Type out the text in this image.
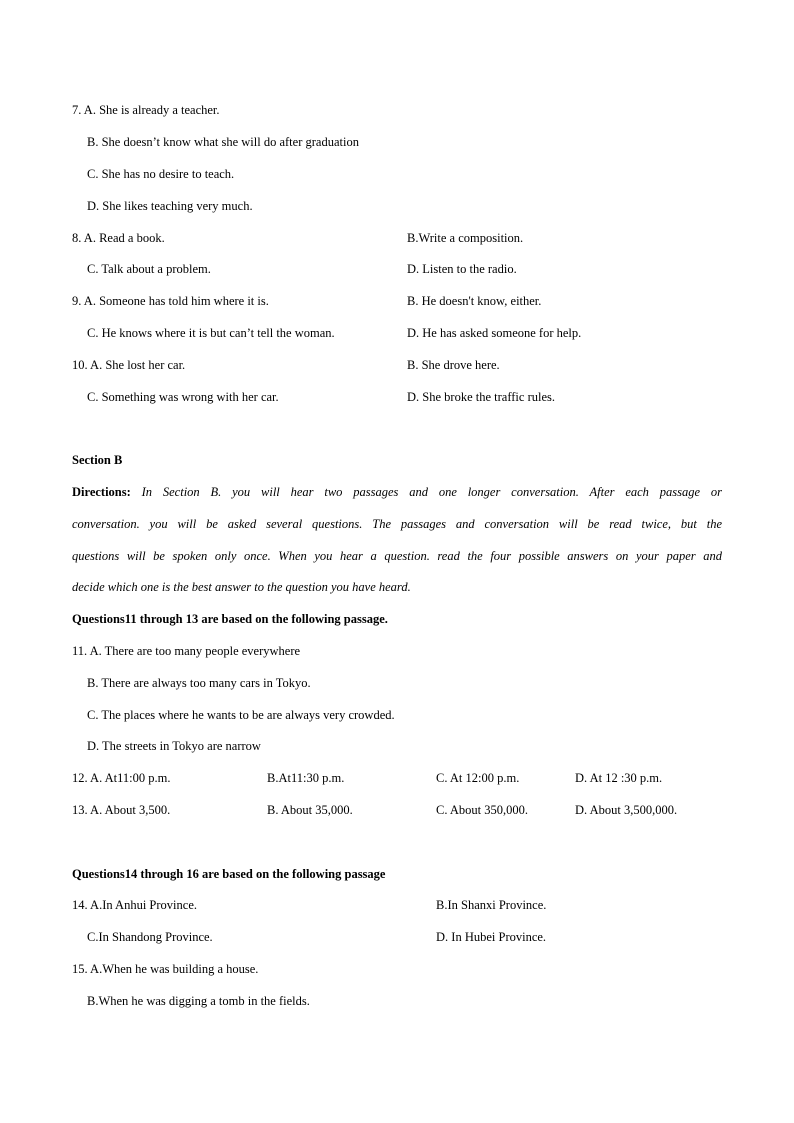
7. A. She is already a teacher.
B. She doesn’t know what she will do after graduation
C. She has no desire to teach.
D. She likes teaching very much.
8. A. Read a book.	B.Write a composition.
C. Talk about a problem.	D. Listen to the radio.
9. A. Someone has told him where it is.	B. He doesn't know, either.
C. He knows where it is but can’t tell the woman.	D. He has asked someone for help.
10. A. She lost her car.	B. She drove here.
C. Something was wrong with her car.	D. She broke the traffic rules.
Section B
Directions: In Section B. you will hear two passages and one longer conversation. After each passage or
conversation. you will be asked several questions. The passages and conversation will be read twice, but the
questions will be spoken only once. When you hear a question. read the four possible answers on your paper and
decide which one is the best answer to the question you have heard.
Questions11 through 13 are based on the following passage.
11. A. There are too many people everywhere
B. There are always too many cars in Tokyo.
C. The places where he wants to be are always very crowded.
D. The streets in Tokyo are narrow
12. A. At11:00 p.m.	B.At11:30 p.m.	C. At 12:00 p.m.	D. At 12 :30 p.m.
13. A. About 3,500.	B. About 35,000.	C. About 350,000.	D. About 3,500,000.
Questions14 through 16 are based on the following passage
14. A.In Anhui Province.	B.In Shanxi Province.
C.In Shandong Province.	D. In Hubei Province.
15. A.When he was building a house.
B.When he was digging a tomb in the fields.
